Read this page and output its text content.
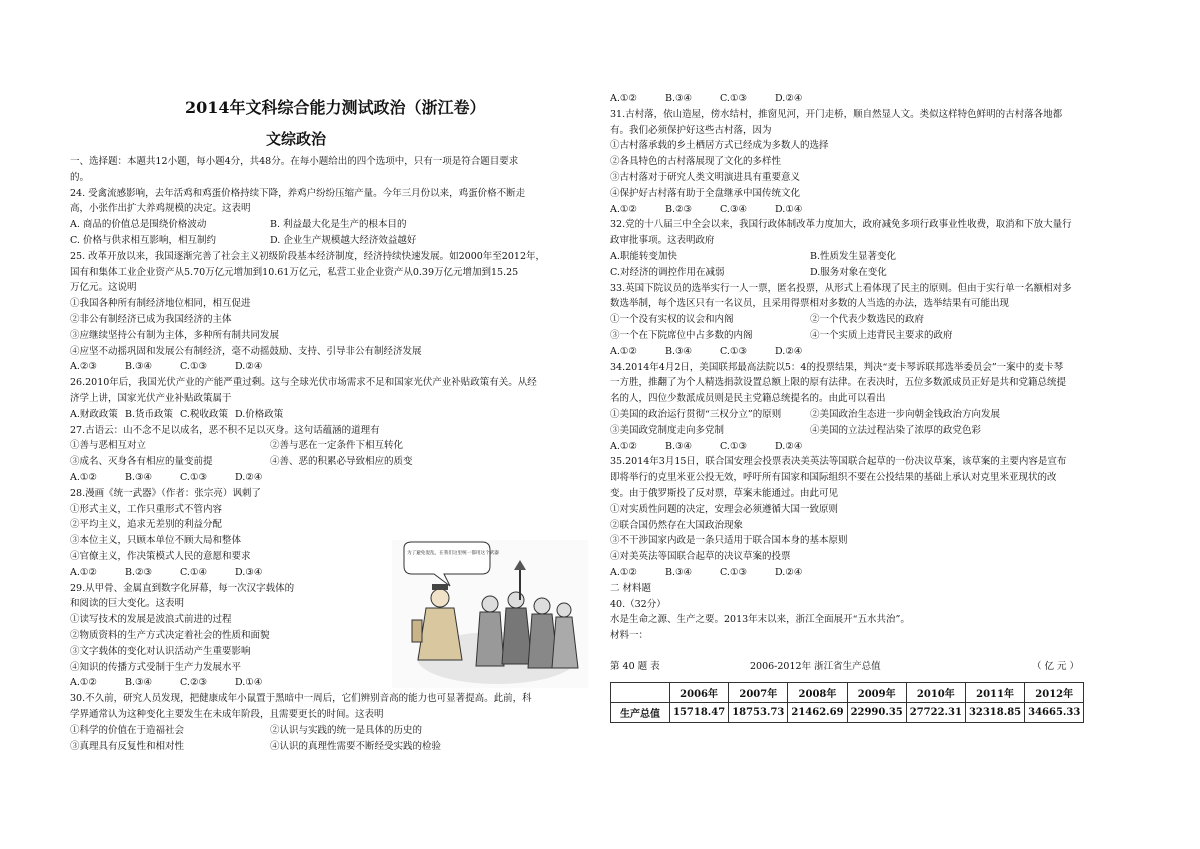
2014年文科综合能力测试政治（浙江卷）
文综政治
一、选择题：本题共12小题，每小题4分，共48分。在每小题给出的四个选项中，只有一项是符合题目要求
的。
24. 受禽流感影响，去年活鸡和鸡蛋价格持续下降，养鸡户纷纷压缩产量。今年三月份以来，鸡蛋价格不断走
高，小张作出扩大养鸡规模的决定。这表明
A. 商品的价值总是围绕价格波动	B. 利益最大化是生产的根本目的
C. 价格与供求相互影响，相互制约	D. 企业生产规模越大经济效益越好
25. 改革开放以来，我国逐渐完善了社会主义初级阶段基本经济制度，经济持续快速发展。如2000年至2012年，
国有和集体工业企业资产从5.70万亿元增加到10.61万亿元，私营工业企业资产从0.39万亿元增加到15.25
万亿元。这说明
①我国各种所有制经济地位相同，相互促进
②非公有制经济已成为我国经济的主体
③应继续坚持公有制为主体，多种所有制共同发展
④应坚不动摇巩固和发展公有制经济，毫不动摇鼓励、支持、引导非公有制经济发展
A.②③	B.③④	C.①③	D.②④
26.2010年后，我国光伏产业的产能严重过剩。这与全球光伏市场需求不足和国家光伏产业补贴政策有关。从经
济学上讲，国家光伏产业补贴政策属于
A.财政政策 B.货币政策 C.税收政策 D.价格政策
27.古语云：山不念不足以成名，恶不积不足以灭身。这句话蕴涵的道理有
①善与恶相互对立	②善与恶在一定条件下相互转化
③成名、灭身各有相应的量变前提	④善、恶的积累必导致相应的质变
A.①②	B.③④	C.①③	D.②④
28.漫画《统一武器》（作者：张宗亮）讽刺了
①形式主义，工作只重形式不管内容
②平均主义，追求无差别的利益分配
③本位主义，只顾本单位不顾大局和整体
④官僚主义，作决策模式人民的意愿和要求
A.①②	B.②③	C.①④	D.③④
29.从甲骨、金属直到数字化屏幕，每一次汉字载体的
和阅读的巨大变化。这表明
①读写技术的发展是波浪式前进的过程
②物质资料的生产方式决定着社会的性质和面貌
③文字载体的变化对认识活动产生重要影响
④知识的传播方式受制于生产力发展水平
A.①②	B.③④	C.②③	D.①④
30.不久前，研究人员发现，把健康成年小鼠置于黑暗中一周后，它们辨别音高的能力也可显著提高。此前，科
学界通常认为这种变化主要发生在未成年阶段，且需要更长的时间。这表明
①科学的价值在于造福社会	②认识与实践的统一是具体的历史的
③真理具有反复性和相对性	④认识的真理性需要不断经受实践的检验
为了避免混乱，在我们这里统一都用这个武器
A.①②	B.③④	C.①③	D.②④
31.古村落，依山造屋，傍水结村，推窗见河，开门走桥，顺自然显人文。类似这样特色鲜明的古村落各地都
有。我们必须保护好这些古村落，因为
①古村落承载的乡土栖居方式已经成为多数人的选择
②各具特色的古村落展现了文化的多样性
③古村落对于研究人类文明演进具有重要意义
④保护好古村落有助于全盘继承中国传统文化
A.①②	B.②③	C.③④	D.①④
32.党的十八届三中全会以来，我国行政体制改革力度加大，政府减免多项行政事业性收费，取消和下放大量行
政审批事项。这表明政府
A.职能转变加快	B.性质发生显著变化
C.对经济的调控作用在减弱	D.服务对象在变化
33.英国下院议员的选举实行一人一票，匿名投票，从形式上看体现了民主的原则。但由于实行单一名额相对多
数选举制，每个选区只有一名议员，且采用得票相对多数的人当选的办法，选举结果有可能出现
①一个没有实权的议会和内阁	②一个代表少数选民的政府
③一个在下院席位中占多数的内阁	④一个实质上违背民主要求的政府
A.①②	B.③④	C.①③	D.②④
34.2014年4月2日，美国联邦最高法院以5：4的投票结果，判决“麦卡琴诉联邦选举委员会”一案中的麦卡琴
一方胜，推翻了为个人精选捐款设置总额上限的原有法律。在表决时，五位多数派成员正好是共和党籍总统提
名的人，四位少数派成员则是民主党籍总统提名的。由此可以看出
①美国的政治运行贯彻“三权分立”的原则	②美国政治生态进一步向朝金钱政治方向发展
③美国政党制度走向多党制	④美国的立法过程沾染了浓厚的政党色彩
A.①②	B.③④	C.①③	D.②④
35.2014年3月15日，联合国安理会投票表决美英法等国联合起草的一份决议草案，该草案的主要内容是宣布
即将举行的克里米亚公投无效，呼吁所有国家和国际组织不要在公投结果的基础上承认对克里米亚现状的改
变。由于俄罗斯投了反对票，草案未能通过。由此可见
①对实质性问题的决定，安理会必须遵循大国一致原则
②联合国仍然存在大国政治现象
③不干涉国家内政是一条只适用于联合国本身的基本原则
④对美英法等国联合起草的决议草案的投票
A.①②	B.③④	C.①③	D.②④
二 材料题
40.（32分）
水是生命之源、生产之要。2013年末以来，浙江全面展开“五水共治”。
材料一：
第 40 题 表	2006-2012年 浙江省生产总值	（ 亿 元 ）
	2006年	2007年	2008年	2009年	2010年	2011年	2012年
生产总值	15718.47	18753.73	21462.69	22990.35	27722.31	32318.85	34665.33
